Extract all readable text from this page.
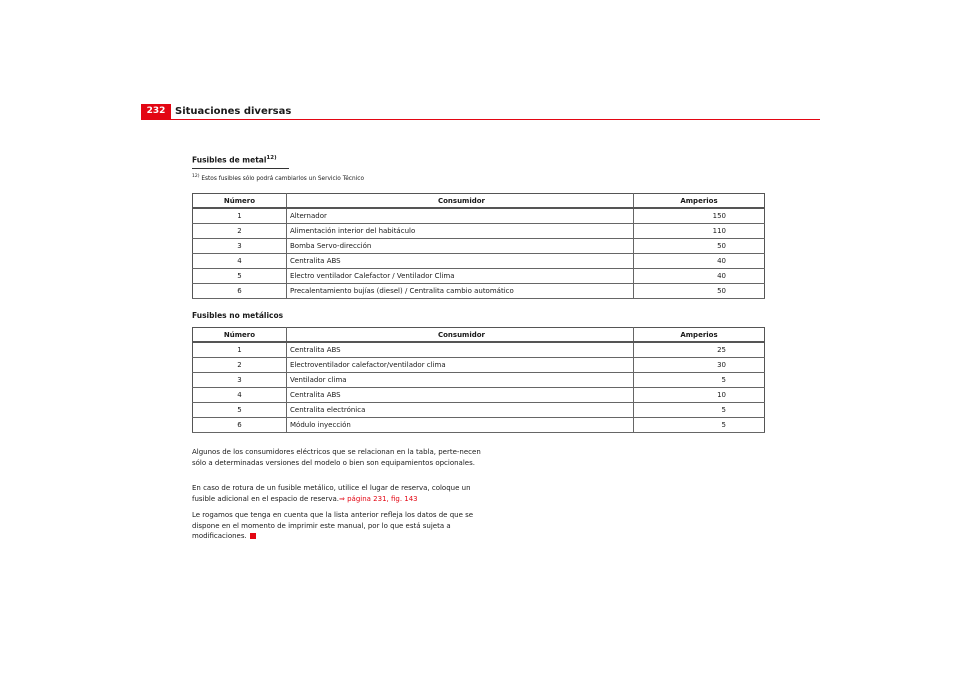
232 Situaciones diversas
Fusibles de metal$^{12)}$
$^{12)}$ Estos fusibles sólo podrá cambiarlos un Servicio Técnico
Número	Consumidor	Amperios
1	Alternador	150
2	Alimentación interior del habitáculo	110
3	Bomba Servo-dirección	50
4	Centralita ABS	40
5	Electro ventilador Calefactor / Ventilador Clima	40
6	Precalentamiento bujías (diesel) / Centralita cambio automático	50
Fusibles no metálicos
Número	Consumidor	Amperios
1	Centralita ABS	25
2	Electroventilador calefactor/ventilador clima	30
3	Ventilador clima	5
4	Centralita ABS	10
5	Centralita electrónica	5
6	Módulo inyección	5
Algunos de los consumidores eléctricos que se relacionan en la tabla, perte-necen sólo a determinadas versiones del modelo o bien son equipamientos opcionales.
En caso de rotura de un fusible metálico, utilice el lugar de reserva, coloque un fusible adicional en el espacio de reserva.⇒ página 231, fig. 143
Le rogamos que tenga en cuenta que la lista anterior refleja los datos de que se dispone en el momento de imprimir este manual, por lo que está sujeta a modificaciones.
